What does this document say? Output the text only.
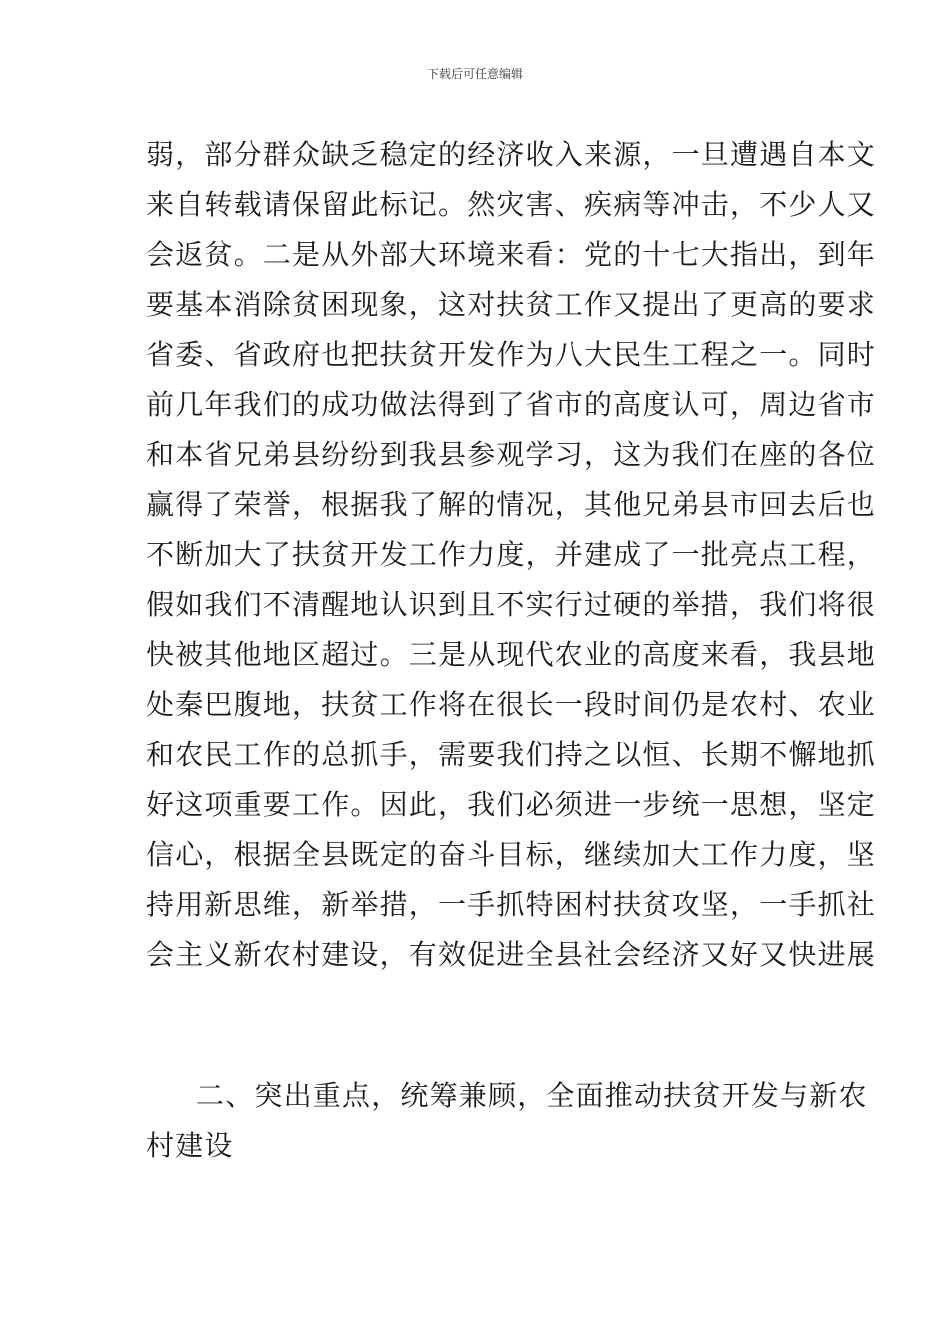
下载后可任意编辑
弱，部分群众缺乏稳定的经济收入来源，一旦遭遇自本文
来自转载请保留此标记。然灾害、疾病等冲击，不少人又
会返贫。二是从外部大环境来看：党的十七大指出，到年
要基本消除贫困现象，这对扶贫工作又提出了更高的要求
省委、省政府也把扶贫开发作为八大民生工程之一。同时
前几年我们的成功做法得到了省市的高度认可，周边省市
和本省兄弟县纷纷到我县参观学习，这为我们在座的各位
赢得了荣誉，根据我了解的情况，其他兄弟县市回去后也
不断加大了扶贫开发工作力度，并建成了一批亮点工程，
假如我们不清醒地认识到且不实行过硬的举措，我们将很
快被其他地区超过。三是从现代农业的高度来看，我县地
处秦巴腹地，扶贫工作将在很长一段时间仍是农村、农业
和农民工作的总抓手，需要我们持之以恒、长期不懈地抓
好这项重要工作。因此，我们必须进一步统一思想，坚定
信心，根据全县既定的奋斗目标，继续加大工作力度，坚
持用新思维，新举措，一手抓特困村扶贫攻坚，一手抓社
会主义新农村建设，有效促进全县社会经济又好又快进展
二、突出重点，统筹兼顾，全面推动扶贫开发与新农
村建设
